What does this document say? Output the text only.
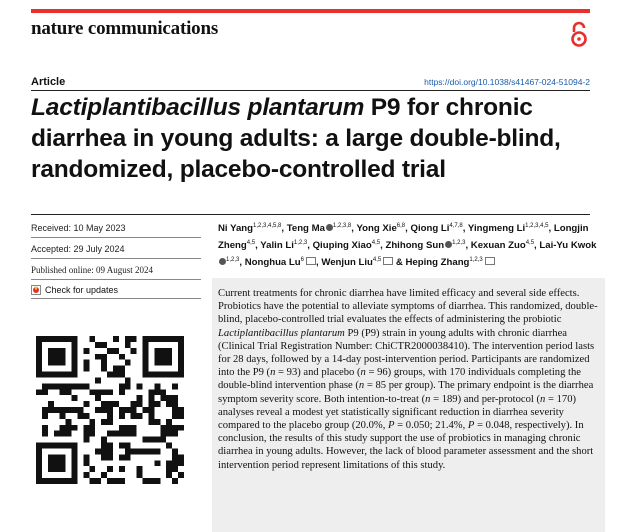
nature communications
Article	https://doi.org/10.1038/s41467-024-51094-2
Lactiplantibacillus plantarum P9 for chronic diarrhea in young adults: a large double-blind, randomized, placebo-controlled trial
Received: 10 May 2023
Accepted: 29 July 2024
Published online: 09 August 2024
Check for updates
Ni Yang$^{1,2,3,4,5,8}$, Teng Ma $^{1,2,3,8}$, Yong Xie$^{6,8}$, Qiong Li$^{4,7,8}$, Yingmeng Li$^{1,2,3,4,5}$, Longjin Zheng$^{4,5}$, Yalin Li$^{1,2,3}$, Qiuping Xiao$^{4,5}$, Zhihong Sun $^{1,2,3}$, Kexuan Zuo$^{4,5}$, Lai-Yu Kwok$^{1,2,3}$, Nonghua Lu$^6$ , Wenjun Liu$^{4,5}$ & Heping Zhang$^{1,2,3}$

Current treatments for chronic diarrhea have limited efficacy and several side effects. Probiotics have the potential to alleviate symptoms of diarrhea. This randomized, double-blind, placebo-controlled trial evaluates the effects of administering the probiotic Lactiplantibacillus plantarum P9 (P9) strain in young adults with chronic diarrhea (Clinical Trial Registration Number: ChiCTR2000038410). The intervention period lasts for 28 days, followed by a 14-day post-intervention period. Participants are randomized into the P9 (n = 93) and placebo (n = 96) groups, with 170 individuals completing the double-blind intervention phase (n = 85 per group). The primary endpoint is the diarrhea symptom severity score. Both intention-to-treat (n = 189) and per-protocol (n = 170) analyses reveal a modest yet statistically significant reduction in diarrhea severity compared to the placebo group (20.0%, P = 0.050; 21.4%, P = 0.048, respectively). In conclusion, the results of this study support the use of probiotics in managing chronic diarrhea in young adults. However, the lack of blood parameter assessment and the short intervention period represent limitations of this study.
